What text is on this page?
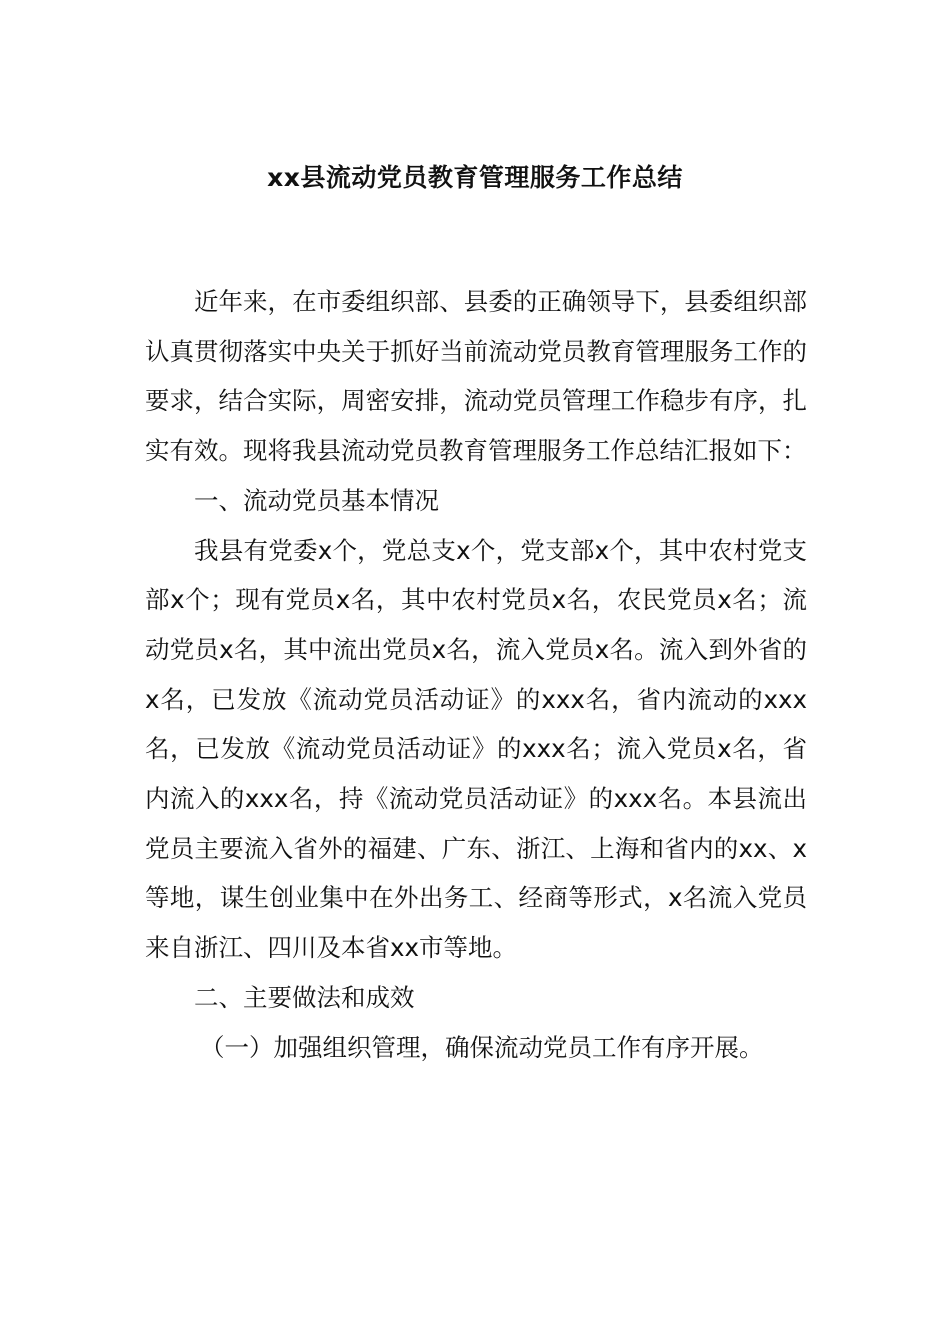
xx县流动党员教育管理服务工作总结

近年来，在市委组织部、县委的正确领导下，县委组织部认真贯彻落实中央关于抓好当前流动党员教育管理服务工作的要求，结合实际，周密安排，流动党员管理工作稳步有序，扎实有效。现将我县流动党员教育管理服务工作总结汇报如下：

一、流动党员基本情况

我县有党委x个，党总支x个，党支部x个，其中农村党支部x个；现有党员x名，其中农村党员x名，农民党员x名；流动党员x名，其中流出党员x名，流入党员x名。流入到外省的x名，已发放《流动党员活动证》的xxx名，省内流动的xxx名，已发放《流动党员活动证》的xxx名；流入党员x名，省内流入的xxx名，持《流动党员活动证》的xxx名。本县流出党员主要流入省外的福建、广东、浙江、上海和省内的xx、x等地，谋生创业集中在外出务工、经商等形式，x名流入党员来自浙江、四川及本省xx市等地。

二、主要做法和成效

（一）加强组织管理，确保流动党员工作有序开展。
